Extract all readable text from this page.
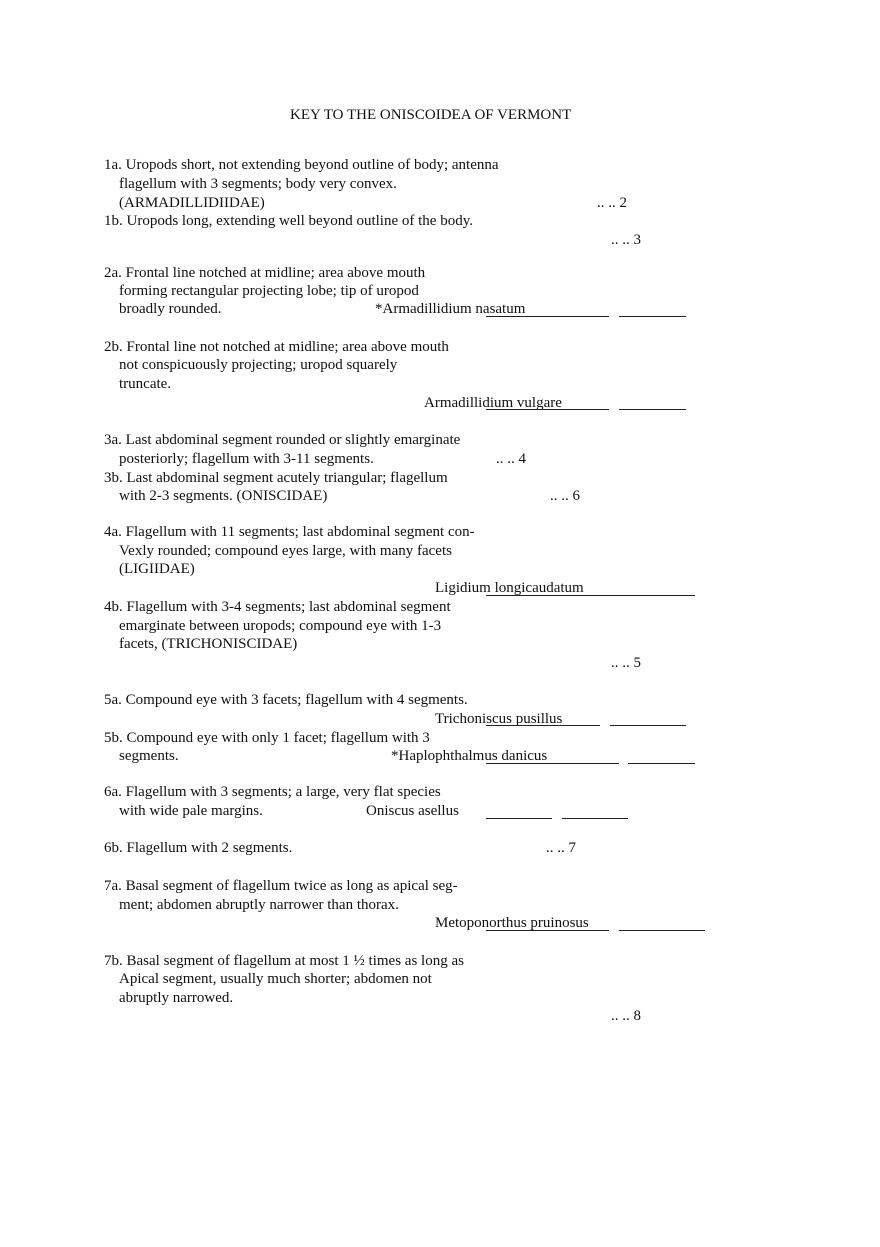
KEY TO THE ONISCOIDEA OF VERMONT
1a. Uropods short, not extending beyond outline of body; antenna
flagellum with 3 segments; body very convex.
(ARMADILLIDIIDAE)	.. .. 2
1b. Uropods long, extending well beyond outline of the body.
.. .. 3
2a. Frontal line notched at midline; area above mouth
forming rectangular projecting lobe; tip of uropod
broadly rounded.	*Armadillidium nasatum
2b. Frontal line not notched at midline; area above mouth
not conspicuously projecting; uropod squarely
truncate.
Armadillidium vulgare
3a. Last abdominal segment rounded or slightly emarginate
posteriorly; flagellum with 3-11 segments.	.. .. 4
3b. Last abdominal segment acutely triangular; flagellum
with 2-3 segments. (ONISCIDAE)	.. .. 6
4a. Flagellum with 11 segments; last abdominal segment con-
Vexly rounded; compound eyes large, with many facets
(LIGIIDAE)
Ligidium longicaudatum
4b. Flagellum with 3-4 segments; last abdominal segment
emarginate between uropods; compound eye with 1-3
facets, (TRICHONISCIDAE)
.. .. 5
5a. Compound eye with 3 facets; flagellum with 4 segments.
Trichoniscus pusillus
5b. Compound eye with only 1 facet; flagellum with 3
segments.	*Haplophthalmus danicus
6a. Flagellum with 3 segments; a large, very flat species
with wide pale margins.	Oniscus asellus
6b. Flagellum with 2 segments.	.. .. 7
7a. Basal segment of flagellum twice as long as apical seg-
ment; abdomen abruptly narrower than thorax.
Metoponorthus pruinosus
7b. Basal segment of flagellum at most 1 ½ times as long as
Apical segment, usually much shorter; abdomen not
abruptly narrowed.
.. .. 8
